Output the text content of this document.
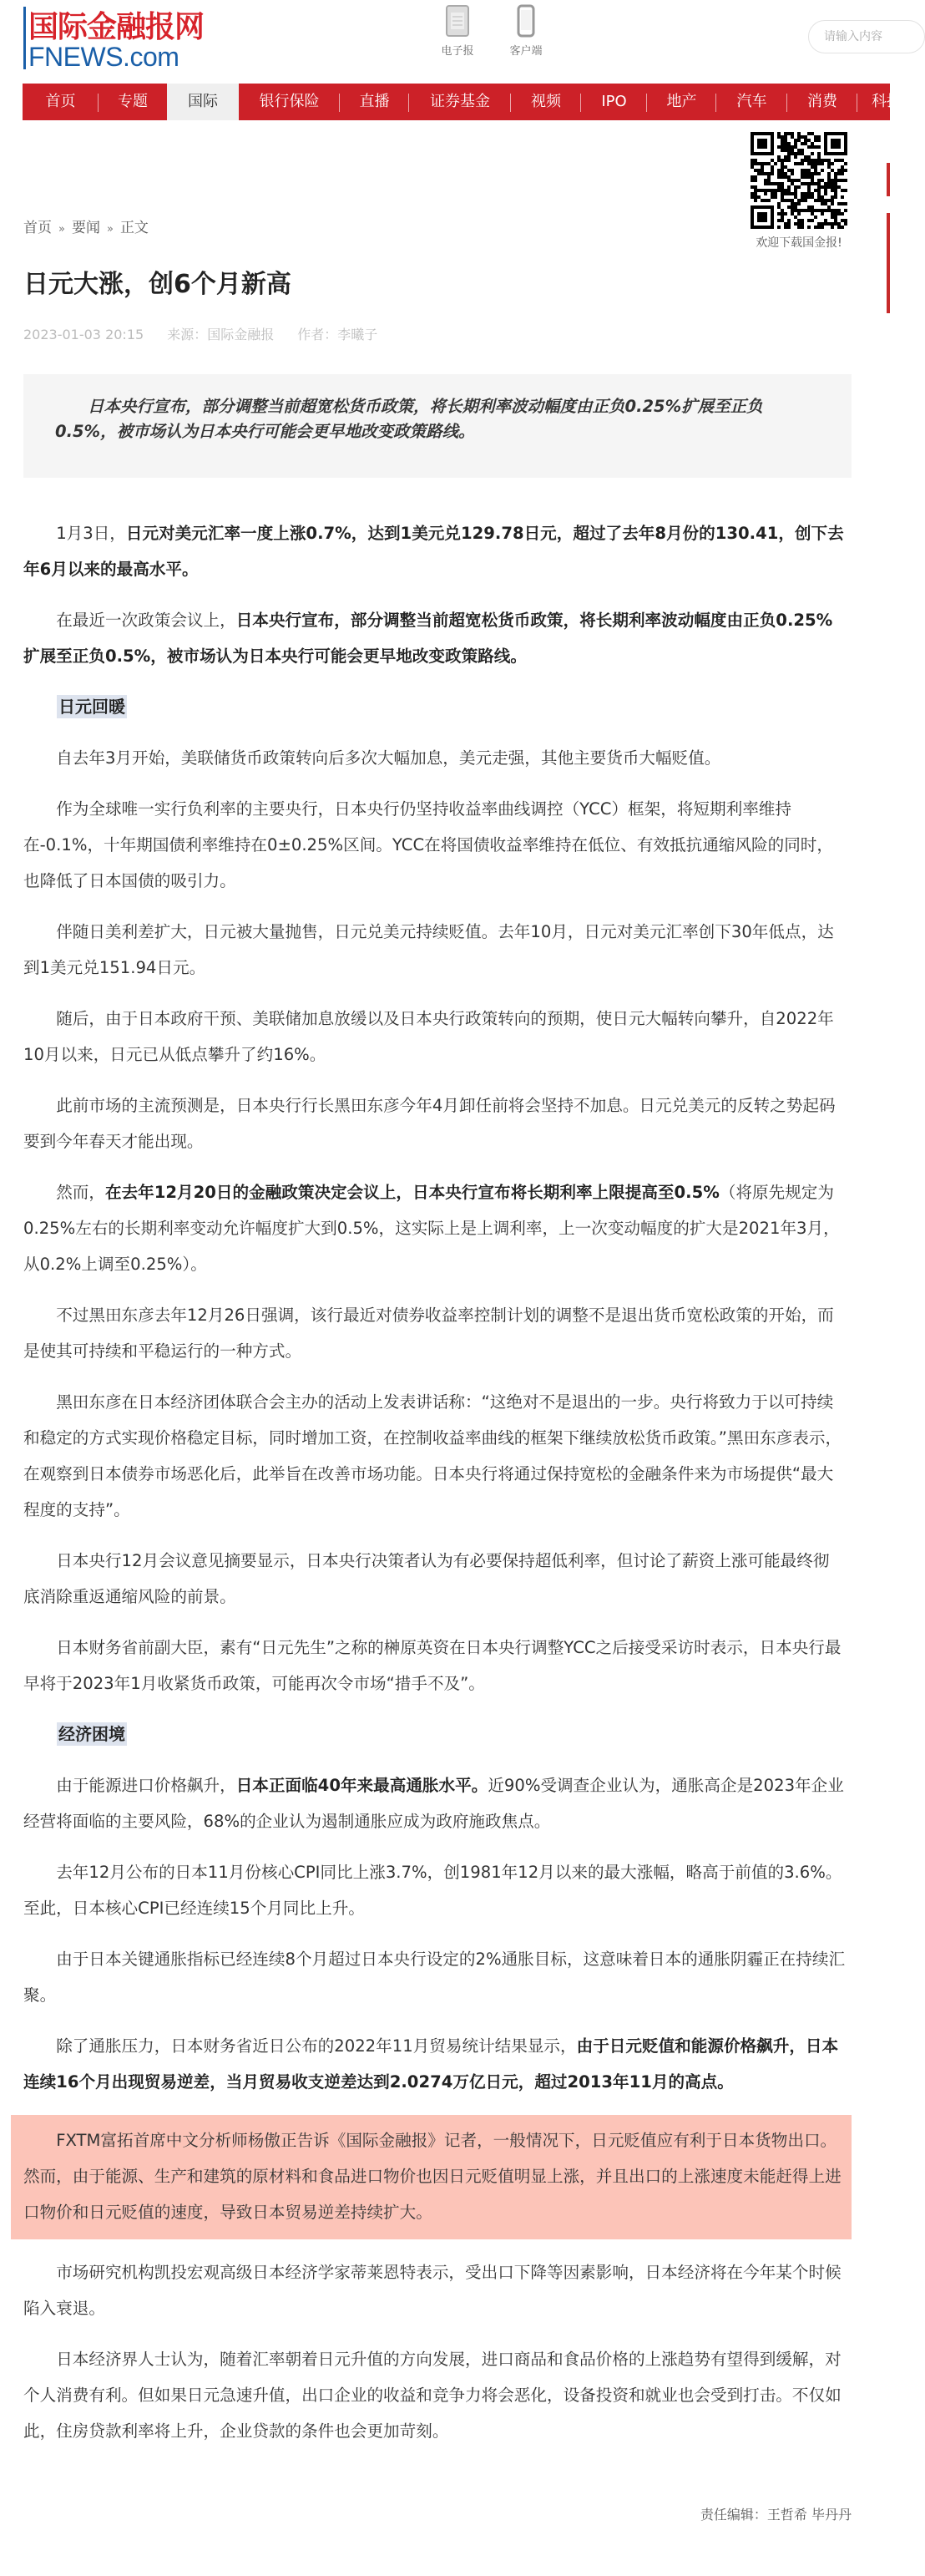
国际金融报网
FNEWS.com	电子报	客户端
请输入内容
首页	专题	国际	银行保险	直播	证券基金	视频	IPO	地产	汽车	消费	科技
欢迎下载国金报!
首页 » 要闻 » 正文
日元大涨，创6个月新高
2023-01-03 20:15 来源：国际金融报 作者：李曦子
日本央行宣布，部分调整当前超宽松货币政策，将长期利率波动幅度由正负0.25%扩展至正负0.5%，被市场认为日本央行可能会更早地改变政策路线。

1月3日，日元对美元汇率一度上涨0.7%，达到1美元兑129.78日元，超过了去年8月份的130.41，创下去年6月以来的最高水平。

在最近一次政策会议上，日本央行宣布，部分调整当前超宽松货币政策，将长期利率波动幅度由正负0.25%扩展至正负0.5%，被市场认为日本央行可能会更早地改变政策路线。

日元回暖

自去年3月开始，美联储货币政策转向后多次大幅加息，美元走强，其他主要货币大幅贬值。

作为全球唯一实行负利率的主要央行，日本央行仍坚持收益率曲线调控（YCC）框架，将短期利率维持在-0.1%，十年期国债利率维持在0±0.25%区间。YCC在将国债收益率维持在低位、有效抵抗通缩风险的同时，也降低了日本国债的吸引力。

伴随日美利差扩大，日元被大量抛售，日元兑美元持续贬值。去年10月，日元对美元汇率创下30年低点，达到1美元兑151.94日元。

随后，由于日本政府干预、美联储加息放缓以及日本央行政策转向的预期，使日元大幅转向攀升，自2022年10月以来，日元已从低点攀升了约16%。

此前市场的主流预测是，日本央行行长黑田东彦今年4月卸任前将会坚持不加息。日元兑美元的反转之势起码要到今年春天才能出现。

然而，在去年12月20日的金融政策决定会议上，日本央行宣布将长期利率上限提高至0.5%（将原先规定为0.25%左右的长期利率变动允许幅度扩大到0.5%，这实际上是上调利率，上一次变动幅度的扩大是2021年3月，从0.2%上调至0.25%）。

不过黑田东彦去年12月26日强调，该行最近对债券收益率控制计划的调整不是退出货币宽松政策的开始，而是使其可持续和平稳运行的一种方式。

黑田东彦在日本经济团体联合会主办的活动上发表讲话称：“这绝对不是退出的一步。央行将致力于以可持续和稳定的方式实现价格稳定目标，同时增加工资，在控制收益率曲线的框架下继续放松货币政策。”黑田东彦表示，在观察到日本债券市场恶化后，此举旨在改善市场功能。日本央行将通过保持宽松的金融条件来为市场提供“最大程度的支持”。

日本央行12月会议意见摘要显示，日本央行决策者认为有必要保持超低利率，但讨论了薪资上涨可能最终彻底消除重返通缩风险的前景。

日本财务省前副大臣，素有“日元先生”之称的榊原英资在日本央行调整YCC之后接受采访时表示，日本央行最早将于2023年1月收紧货币政策，可能再次令市场“措手不及”。

经济困境

由于能源进口价格飙升，日本正面临40年来最高通胀水平。近90%受调查企业认为，通胀高企是2023年企业经营将面临的主要风险，68%的企业认为遏制通胀应成为政府施政焦点。

去年12月公布的日本11月份核心CPI同比上涨3.7%，创1981年12月以来的最大涨幅，略高于前值的3.6%。至此，日本核心CPI已经连续15个月同比上升。

由于日本关键通胀指标已经连续8个月超过日本央行设定的2%通胀目标，这意味着日本的通胀阴霾正在持续汇聚。

除了通胀压力，日本财务省近日公布的2022年11月贸易统计结果显示，由于日元贬值和能源价格飙升，日本连续16个月出现贸易逆差，当月贸易收支逆差达到2.0274万亿日元，超过2013年11月的高点。

FXTM富拓首席中文分析师杨傲正告诉《国际金融报》记者，一般情况下，日元贬值应有利于日本货物出口。然而，由于能源、生产和建筑的原材料和食品进口物价也因日元贬值明显上涨，并且出口的上涨速度未能赶得上进口物价和日元贬值的速度，导致日本贸易逆差持续扩大。

市场研究机构凯投宏观高级日本经济学家蒂莱恩特表示，受出口下降等因素影响，日本经济将在今年某个时候陷入衰退。

日本经济界人士认为，随着汇率朝着日元升值的方向发展，进口商品和食品价格的上涨趋势有望得到缓解，对个人消费有利。但如果日元急速升值，出口企业的收益和竞争力将会恶化，设备投资和就业也会受到打击。不仅如此，住房贷款利率将上升，企业贷款的条件也会更加苛刻。

责任编辑：王哲希 毕丹丹
